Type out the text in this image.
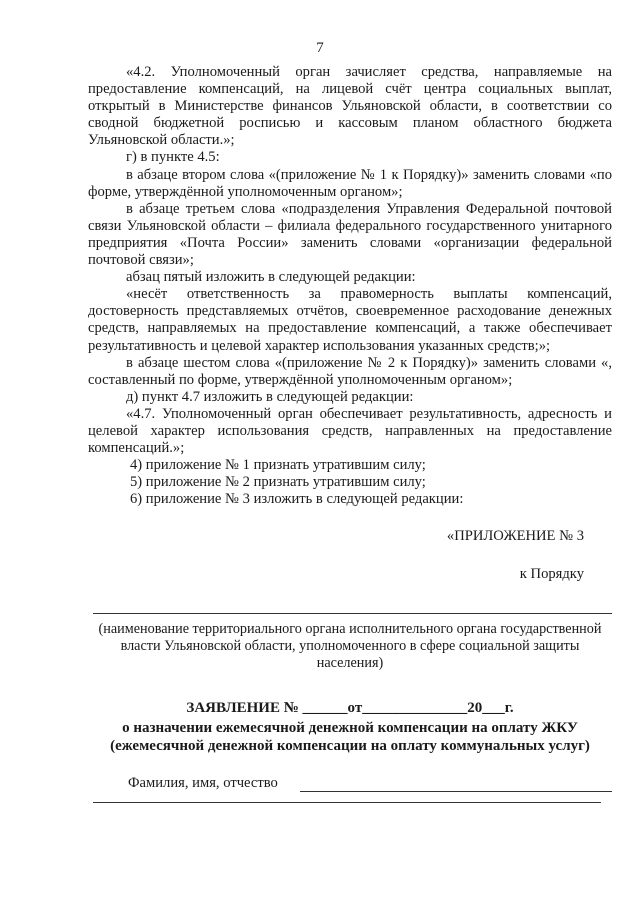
7

«4.2. Уполномоченный орган зачисляет средства, направляемые на предоставление компенсаций, на лицевой счёт центра социальных выплат, открытый в Министерстве финансов Ульяновской области, в соответствии со сводной бюджетной росписью и кассовым планом областного бюджета Ульяновской области.»;

г) в пункте 4.5:

в абзаце втором слова «(приложение № 1 к Порядку)» заменить словами «по форме, утверждённой уполномоченным органом»;

в абзаце третьем слова «подразделения Управления Федеральной почтовой связи Ульяновской области – филиала федерального государственного унитарного предприятия «Почта России» заменить словами «организации федеральной почтовой связи»;

абзац пятый изложить в следующей редакции:

«несёт ответственность за правомерность выплаты компенсаций, достоверность представляемых отчётов, своевременное расходование денежных средств, направляемых на предоставление компенсаций, а также обеспечивает результативность и целевой характер использования указанных средств;»;

в абзаце шестом слова «(приложение № 2 к Порядку)» заменить словами «, составленный по форме, утверждённой уполномоченным органом»;

д) пункт 4.7 изложить в следующей редакции:

«4.7. Уполномоченный орган обеспечивает результативность, адресность и целевой характер использования средств, направленных на предоставление компенсаций.»;

4) приложение № 1 признать утратившим силу;

5) приложение № 2 признать утратившим силу;

6) приложение № 3 изложить в следующей редакции:

«ПРИЛОЖЕНИЕ № 3
к Порядку
(наименование территориального органа исполнительного органа государственной власти Ульяновской области, уполномоченного в сфере социальной защиты населения)
ЗАЯВЛЕНИЕ № ______от______________20___г.
о назначении ежемесячной денежной компенсации на оплату ЖКУ
(ежемесячной денежной компенсации на оплату коммунальных услуг)
Фамилия, имя, отчество
